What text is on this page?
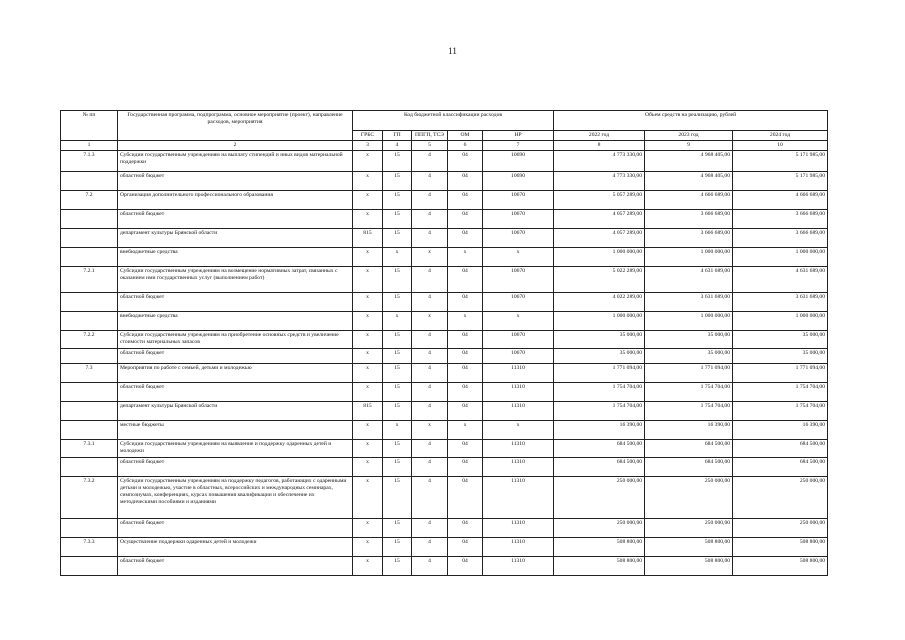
11
№ пп	Государственная программа, подпрограмма, основное мероприятие (проект), направление расходов, мероприятия	Код бюджетной классификации расходов					Объем средств на реализацию, рублей		
		ГРБС	ГП	ППГП, ТСЭ	ОМ	НР	2022 год	2023 год	2024 год
1	2	3	4	5	6	7	8	9	10
7.1.3	Субсидии государственным учреждениям на выплату стипендий и иных видов материальной поддержки	x	15	4	04	10690	4 773 330,00	4 968 405,00	5 171 985,00
	областной бюджет	x	15	4	04	10690	4 773 330,00	4 968 405,00	5 171 985,00
7.2	Организация дополнительного профессионального образования	x	15	4	04	10670	5 057 289,00	4 666 689,00	4 666 689,00
	областной бюджет	x	15	4	04	10670	4 057 289,00	3 666 689,00	3 666 689,00
	департамент культуры Брянской области	815	15	4	04	10670	4 057 289,00	3 666 689,00	3 666 689,00
	внебюджетные средства	x	x	x	x	x	1 000 000,00	1 000 000,00	1 000 000,00
7.2.1	Субсидии государственным учреждениям на возмещение нормативных затрат, связанных с оказанием ими государственных услуг (выполнением работ)	x	15	4	04	10670	5 022 289,00	4 631 689,00	4 631 689,00
	областной бюджет	x	15	4	04	10670	4 022 289,00	3 631 689,00	3 631 689,00
	внебюджетные средства	x	x	x	x	x	1 000 000,00	1 000 000,00	1 000 000,00
7.2.2	Субсидии государственным учреждениям на приобретение основных средств и увеличение стоимости материальных запасов	x	15	4	04	10670	35 000,00	35 000,00	35 000,00
	областной бюджет	x	15	4	04	10670	35 000,00	35 000,00	35 000,00
7.3	Мероприятия по работе с семьей, детьми и молодежью	x	15	4	04	11310	1 771 094,00	1 771 094,00	1 771 094,00
	областной бюджет	x	15	4	04	11310	1 754 704,00	1 754 704,00	1 754 704,00
	департамент культуры Брянской области	815	15	4	04	11310	1 754 704,00	1 754 704,00	1 754 704,00
	местные бюджеты	x	x	x	x	x	16 390,00	16 390,00	16 390,00
7.3.1	Субсидии государственным учреждениям на выявление и поддержку одаренных детей и молодежи	x	15	4	04	11310	684 500,00	684 500,00	684 500,00
	областной бюджет	x	15	4	04	11310	684 500,00	684 500,00	684 500,00
7.3.2	Субсидии государственным учреждениям на поддержку педагогов, работающих с одаренными детьми и молодежью, участие в областных, всероссийских и международных семинарах, симпозиумах, конференциях, курсах повышения квалификации и обеспечение их методическими пособиями и изданиями	x	15	4	04	11310	250 000,00	250 000,00	250 000,00
	областной бюджет	x	15	4	04	11310	250 000,00	250 000,00	250 000,00
7.3.3	Осуществление поддержки одаренных детей и молодежи	x	15	4	04	11310	508 800,00	508 800,00	508 800,00
	областной бюджет	x	15	4	04	11310	508 800,00	508 800,00	508 800,00
